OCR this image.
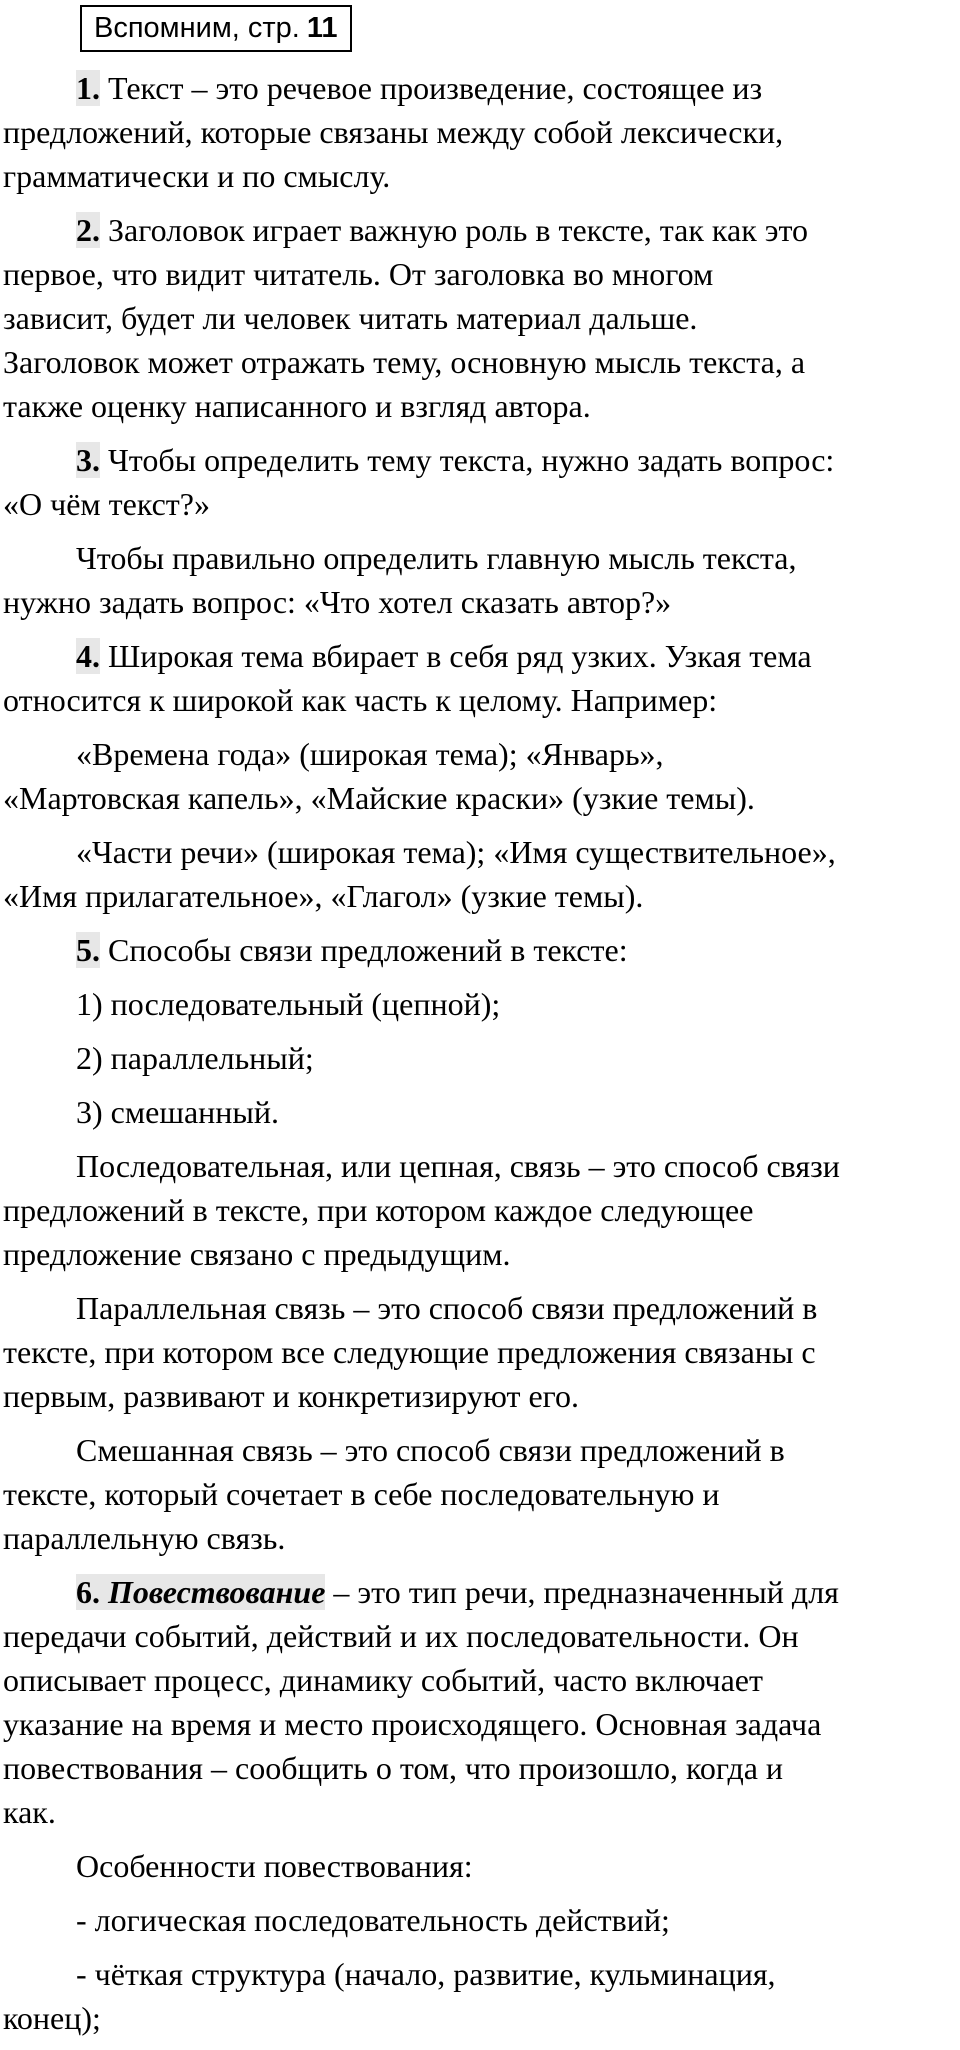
Вспомним, стр. 11
1. Текст – это речевое произведение, состоящее из
предложений, которые связаны между собой лексически,
грамматически и по смыслу.
2. Заголовок играет важную роль в тексте, так как это
первое, что видит читатель. От заголовка во многом
зависит, будет ли человек читать материал дальше.
Заголовок может отражать тему, основную мысль текста, а
также оценку написанного и взгляд автора.
3. Чтобы определить тему текста, нужно задать вопрос:
«О чём текст?»
Чтобы правильно определить главную мысль текста,
нужно задать вопрос: «Что хотел сказать автор?»
4. Широкая тема вбирает в себя ряд узких. Узкая тема
относится к широкой как часть к целому. Например:
«Времена года» (широкая тема); «Январь»,
«Мартовская капель», «Майские краски» (узкие темы).
«Части речи» (широкая тема); «Имя существительное»,
«Имя прилагательное», «Глагол» (узкие темы).
5. Способы связи предложений в тексте:
1) последовательный (цепной);
2) параллельный;
3) смешанный.
Последовательная, или цепная, связь – это способ связи
предложений в тексте, при котором каждое следующее
предложение связано с предыдущим.
Параллельная связь – это способ связи предложений в
тексте, при котором все следующие предложения связаны с
первым, развивают и конкретизируют его.
Смешанная связь – это способ связи предложений в
тексте, который сочетает в себе последовательную и
параллельную связь.
6. Повествование – это тип речи, предназначенный для
передачи событий, действий и их последовательности. Он
описывает процесс, динамику событий, часто включает
указание на время и место происходящего. Основная задача
повествования – сообщить о том, что произошло, когда и
как.
Особенности повествования:
- логическая последовательность действий;
- чёткая структура (начало, развитие, кульминация,
конец);
